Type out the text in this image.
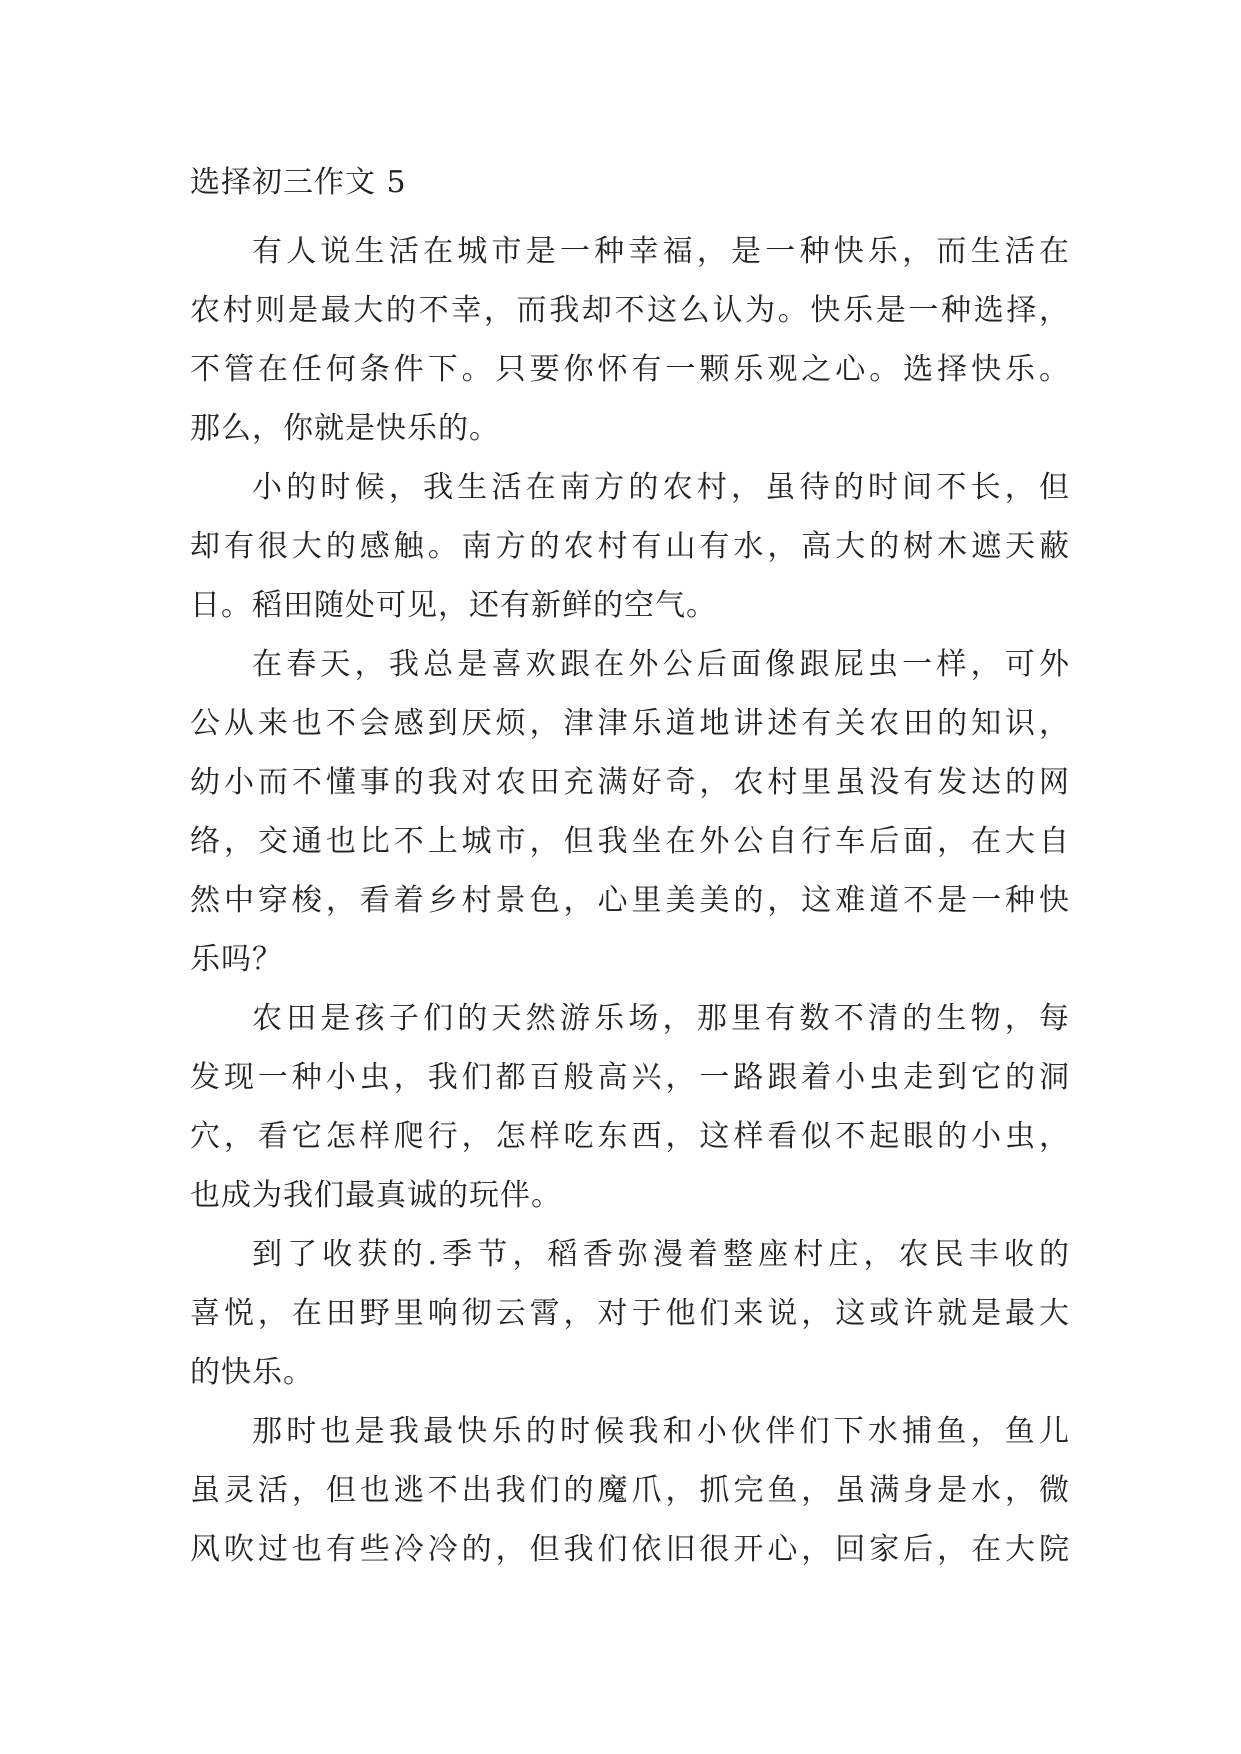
选择初三作文 5

有人说生活在城市是一种幸福，是一种快乐，而生活在
农村则是最大的不幸，而我却不这么认为。快乐是一种选择，
不管在任何条件下。只要你怀有一颗乐观之心。选择快乐。
那么，你就是快乐的。

小的时候，我生活在南方的农村，虽待的时间不长，但
却有很大的感触。南方的农村有山有水，高大的树木遮天蔽
日。稻田随处可见，还有新鲜的空气。

在春天，我总是喜欢跟在外公后面像跟屁虫一样，可外
公从来也不会感到厌烦，津津乐道地讲述有关农田的知识，
幼小而不懂事的我对农田充满好奇，农村里虽没有发达的网
络，交通也比不上城市，但我坐在外公自行车后面，在大自
然中穿梭，看着乡村景色，心里美美的，这难道不是一种快
乐吗？

农田是孩子们的天然游乐场，那里有数不清的生物，每
发现一种小虫，我们都百般高兴，一路跟着小虫走到它的洞
穴，看它怎样爬行，怎样吃东西，这样看似不起眼的小虫，
也成为我们最真诚的玩伴。

到了收获的.季节，稻香弥漫着整座村庄，农民丰收的
喜悦，在田野里响彻云霄，对于他们来说，这或许就是最大
的快乐。

那时也是我最快乐的时候我和小伙伴们下水捕鱼，鱼儿
虽灵活，但也逃不出我们的魔爪，抓完鱼，虽满身是水，微
风吹过也有些冷冷的，但我们依旧很开心，回家后，在大院
